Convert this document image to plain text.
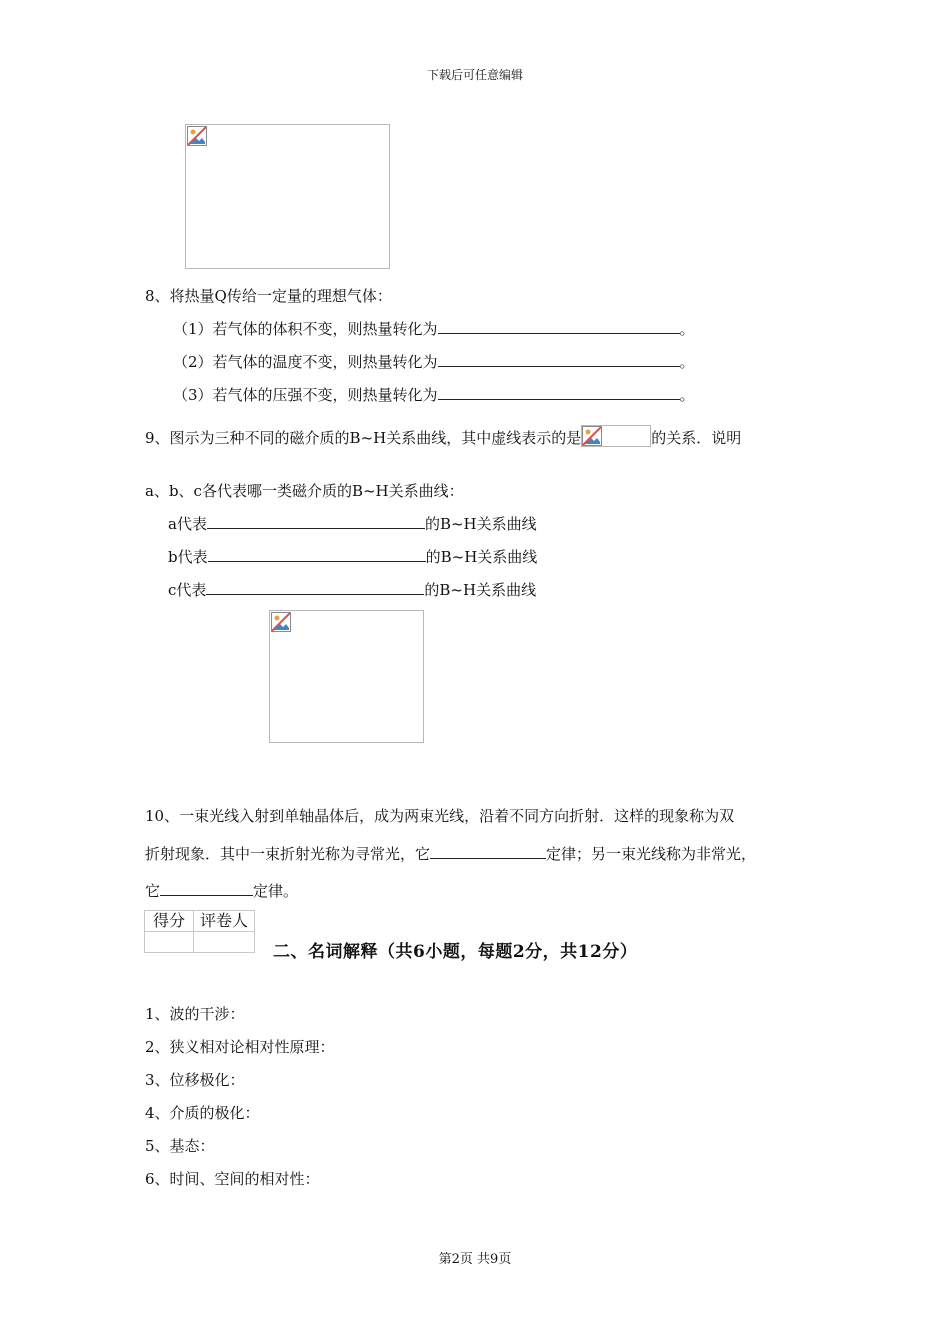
下载后可任意编辑
8、将热量Q传给一定量的理想气体：
（1）若气体的体积不变，则热量转化为	。
（2）若气体的温度不变，则热量转化为	。
（3）若气体的压强不变，则热量转化为	。
9、图示为三种不同的磁介质的B~H关系曲线，其中虚线表示的是	的关系．说明
a、b、c各代表哪一类磁介质的B~H关系曲线：
a代表	的B~H关系曲线
b代表	的B~H关系曲线
c代表	的B~H关系曲线
10、一束光线入射到单轴晶体后，成为两束光线，沿着不同方向折射．这样的现象称为双
折射现象．其中一束折射光称为寻常光，它	定律；另一束光线称为非常光，
它	定律。
得分	评卷人

二、名词解释（共6小题，每题2分，共12分）
1、波的干涉：
2、狭义相对论相对性原理：
3、位移极化：
4、介质的极化：
5、基态：
6、时间、空间的相对性：
第2页 共9页
